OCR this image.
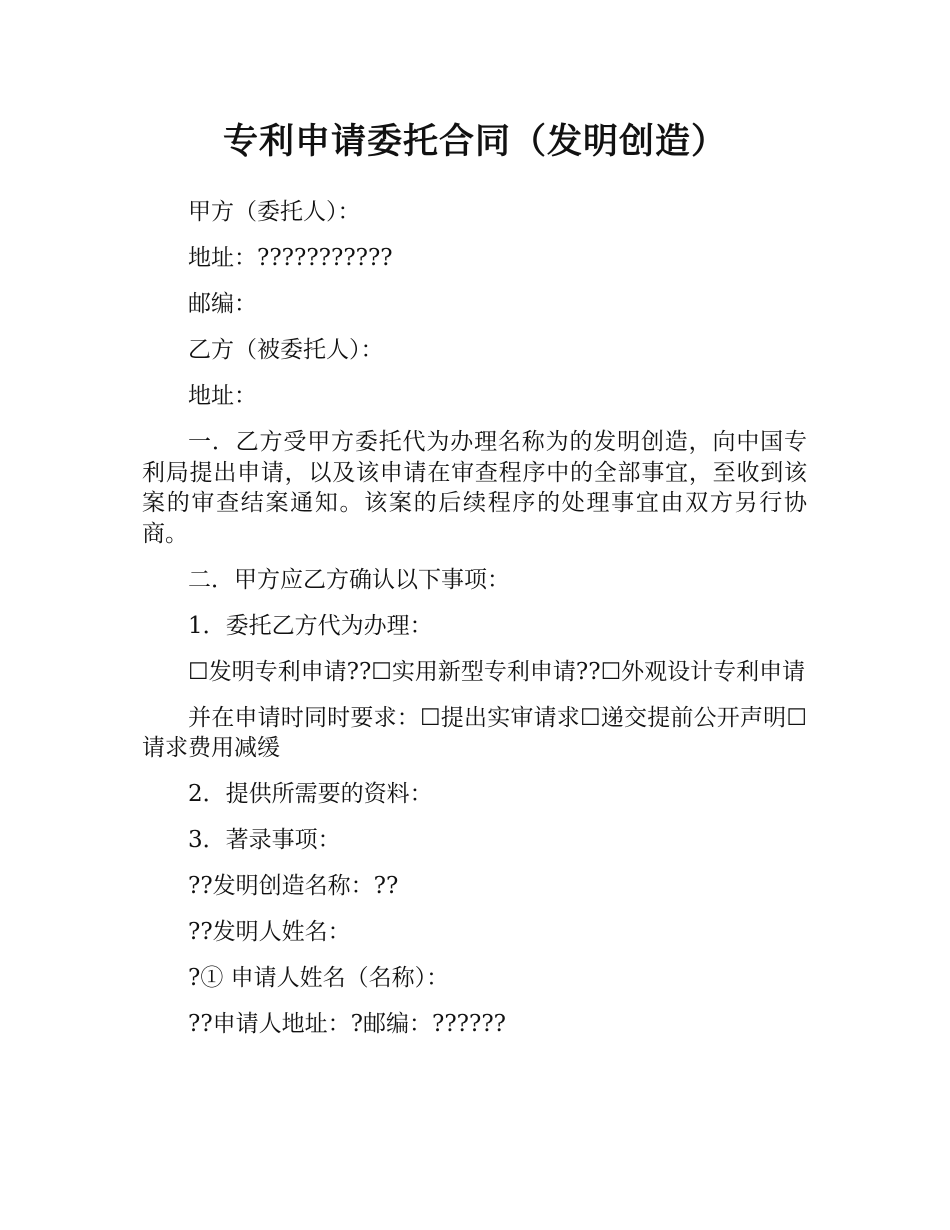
专利申请委托合同（发明创造）

甲方（委托人）：

地址：???????????

邮编：

乙方（被委托人）：

地址：

一．乙方受甲方委托代为办理名称为的发明创造，向中国专利局提出申请，以及该申请在审查程序中的全部事宜，至收到该案的审查结案通知。该案的后续程序的处理事宜由双方另行协商。

二．甲方应乙方确认以下事项：

1．委托乙方代为办理：

☐发明专利申请??☐实用新型专利申请??☐外观设计专利申请

并在申请时同时要求：☐提出实审请求☐递交提前公开声明☐请求费用减缓

2．提供所需要的资料：

3．著录事项：

??发明创造名称：??

??发明人姓名：

?① 申请人姓名（名称）：

??申请人地址：?邮编：??????
